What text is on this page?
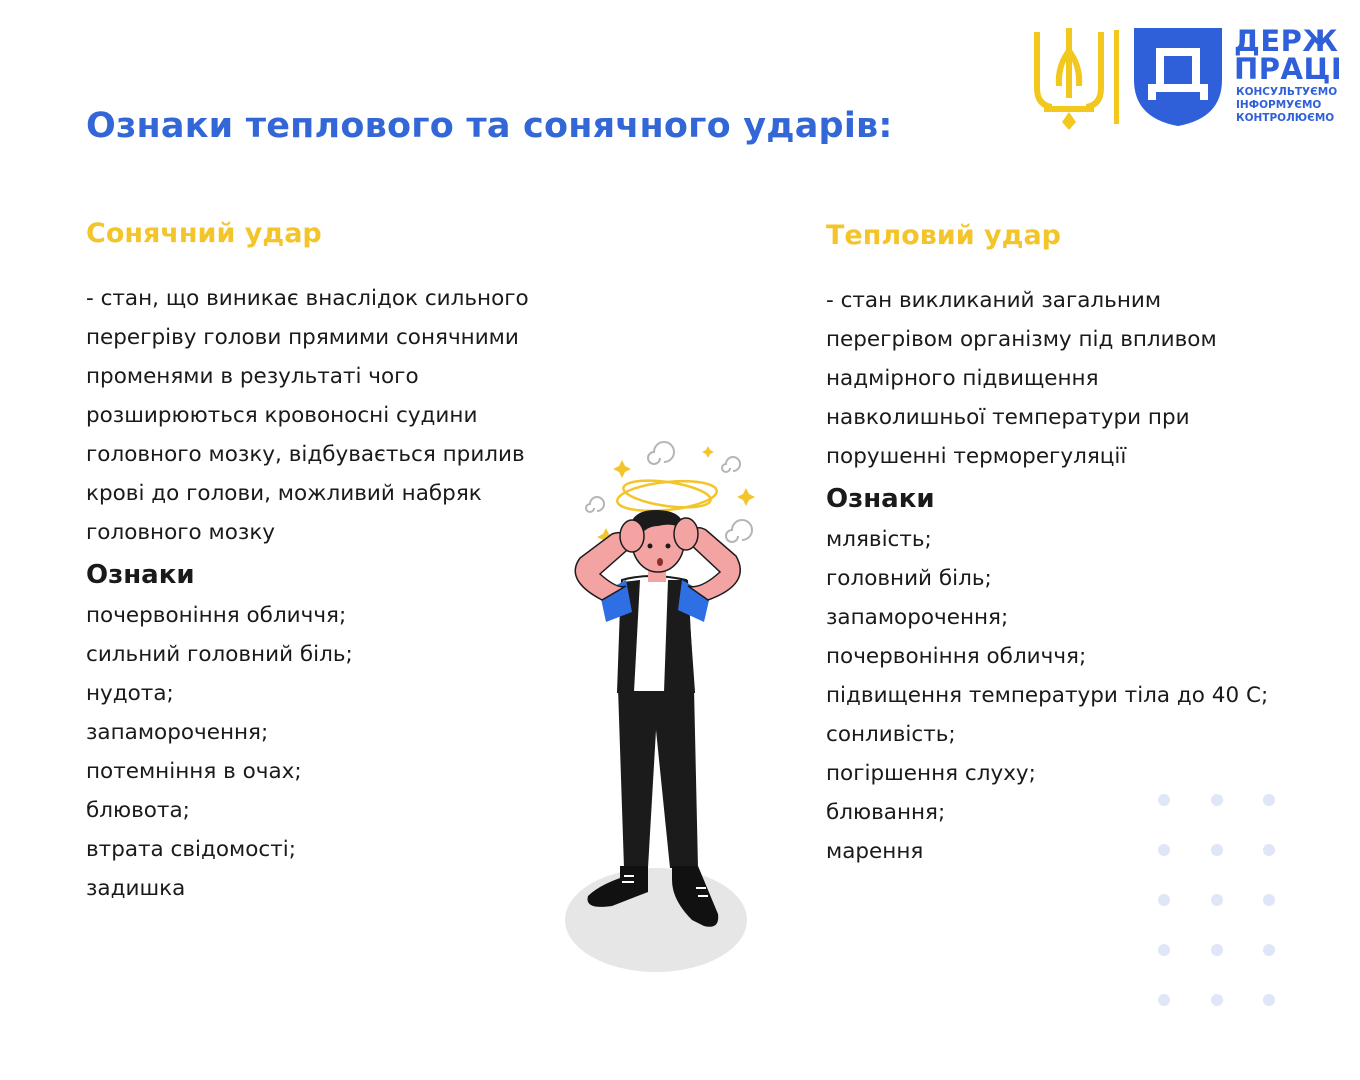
Ознаки теплового та сонячного ударів:
ДЕРЖ
ПРАЦІ
КОНСУЛЬТУЄМО
ІНФОРМУЄМО
КОНТРОЛЮЄМО
Сонячний удар

- стан, що виникає внаслідок сильного
перегріву голови прямими сонячними
променями в результаті чого
розширюються кровоносні судини
головного мозку, відбувається прилив
крові до голови, можливий набряк
головного мозку

Ознаки
почервоніння обличчя;
сильний головний біль;
нудота;
запаморочення;
потемніння в очах;
блювота;
втрата свідомості;
задишка
Тепловий удар

- стан викликаний загальним
перегрівом організму під впливом
надмірного підвищення
навколишньої температури при
порушенні терморегуляції

Ознаки
млявість;
головний біль;
запаморочення;
почервоніння обличчя;
підвищення температури тіла до 40 С;
сонливість;
погіршення слуху;
блювання;
марення
